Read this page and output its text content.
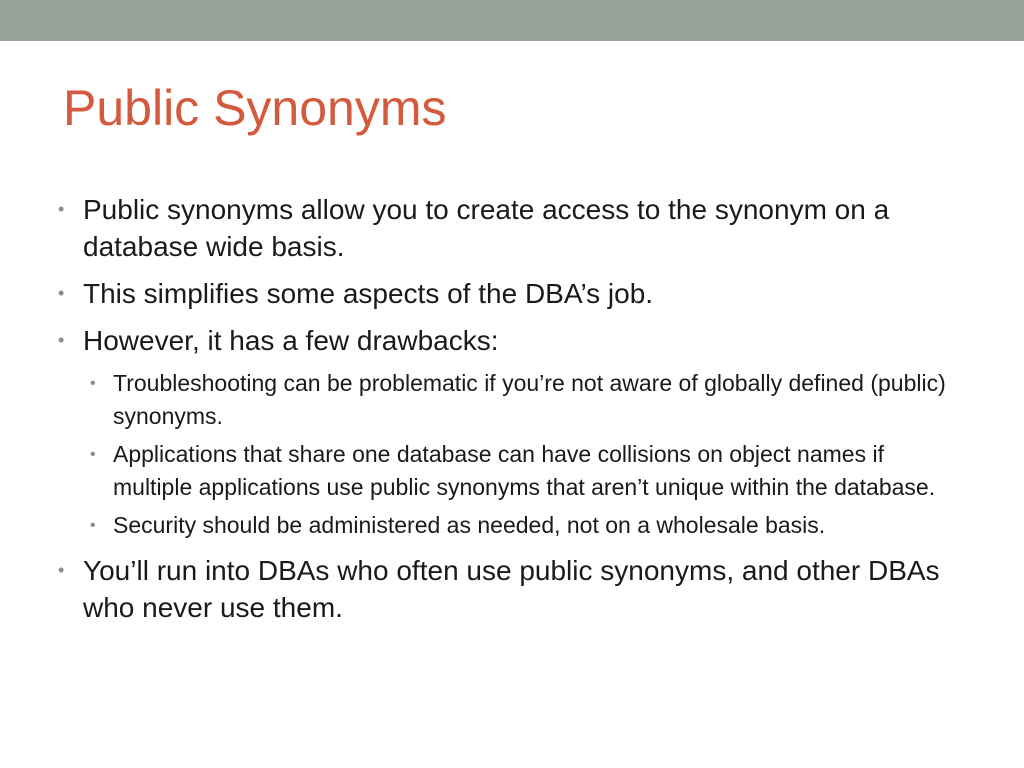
Public Synonyms
• Public synonyms allow you to create access to the synonym on a database wide basis.
• This simplifies some aspects of the DBA’s job.
• However, it has a few drawbacks:
• Troubleshooting can be problematic if you’re not aware of globally defined (public) synonyms.
• Applications that share one database can have collisions on object names if multiple applications use public synonyms that aren’t unique within the database.
• Security should be administered as needed, not on a wholesale basis.
• You’ll run into DBAs who often use public synonyms, and other DBAs who never use them.
